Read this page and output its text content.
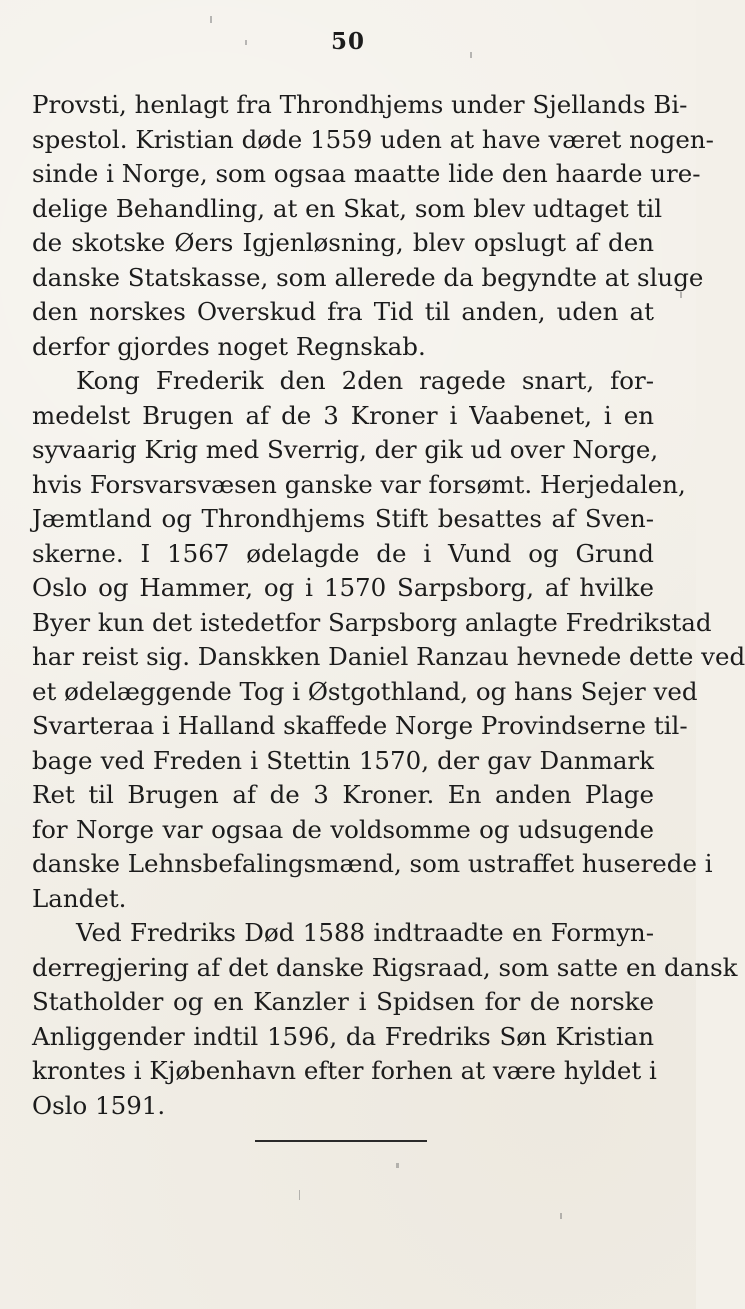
50
Provsti, henlagt fra Throndhjems under Sjellands Bi-
spestol. Kristian døde 1559 uden at have været nogen-
sinde i Norge, som ogsaa maatte lide den haarde ure-
delige Behandling, at en Skat, som blev udtaget til
de skotske Øers Igjenløsning, blev opslugt af den
danske Statskasse, som allerede da begyndte at sluge
den norskes Overskud fra Tid til anden, uden at
derfor gjordes noget Regnskab.
Kong Frederik den 2den ragede snart, for-
medelst Brugen af de 3 Kroner i Vaabenet, i en
syvaarig Krig med Sverrig, der gik ud over Norge,
hvis Forsvarsvæsen ganske var forsømt. Herjedalen,
Jæmtland og Throndhjems Stift besattes af Sven-
skerne. I 1567 ødelagde de i Vund og Grund
Oslo og Hammer, og i 1570 Sarpsborg, af hvilke
Byer kun det istedetfor Sarpsborg anlagte Fredrikstad
har reist sig. Danskken Daniel Ranzau hevnede dette ved
et ødelæggende Tog i Østgothland, og hans Sejer ved
Svarteraa i Halland skaffede Norge Provindserne til-
bage ved Freden i Stettin 1570, der gav Danmark
Ret til Brugen af de 3 Kroner. En anden Plage
for Norge var ogsaa de voldsomme og udsugende
danske Lehnsbefalingsmænd, som ustraffet huserede i
Landet.
Ved Fredriks Død 1588 indtraadte en Formyn-
derregjering af det danske Rigsraad, som satte en dansk
Statholder og en Kanzler i Spidsen for de norske
Anliggender indtil 1596, da Fredriks Søn Kristian
krontes i Kjøbenhavn efter forhen at være hyldet i
Oslo 1591.
